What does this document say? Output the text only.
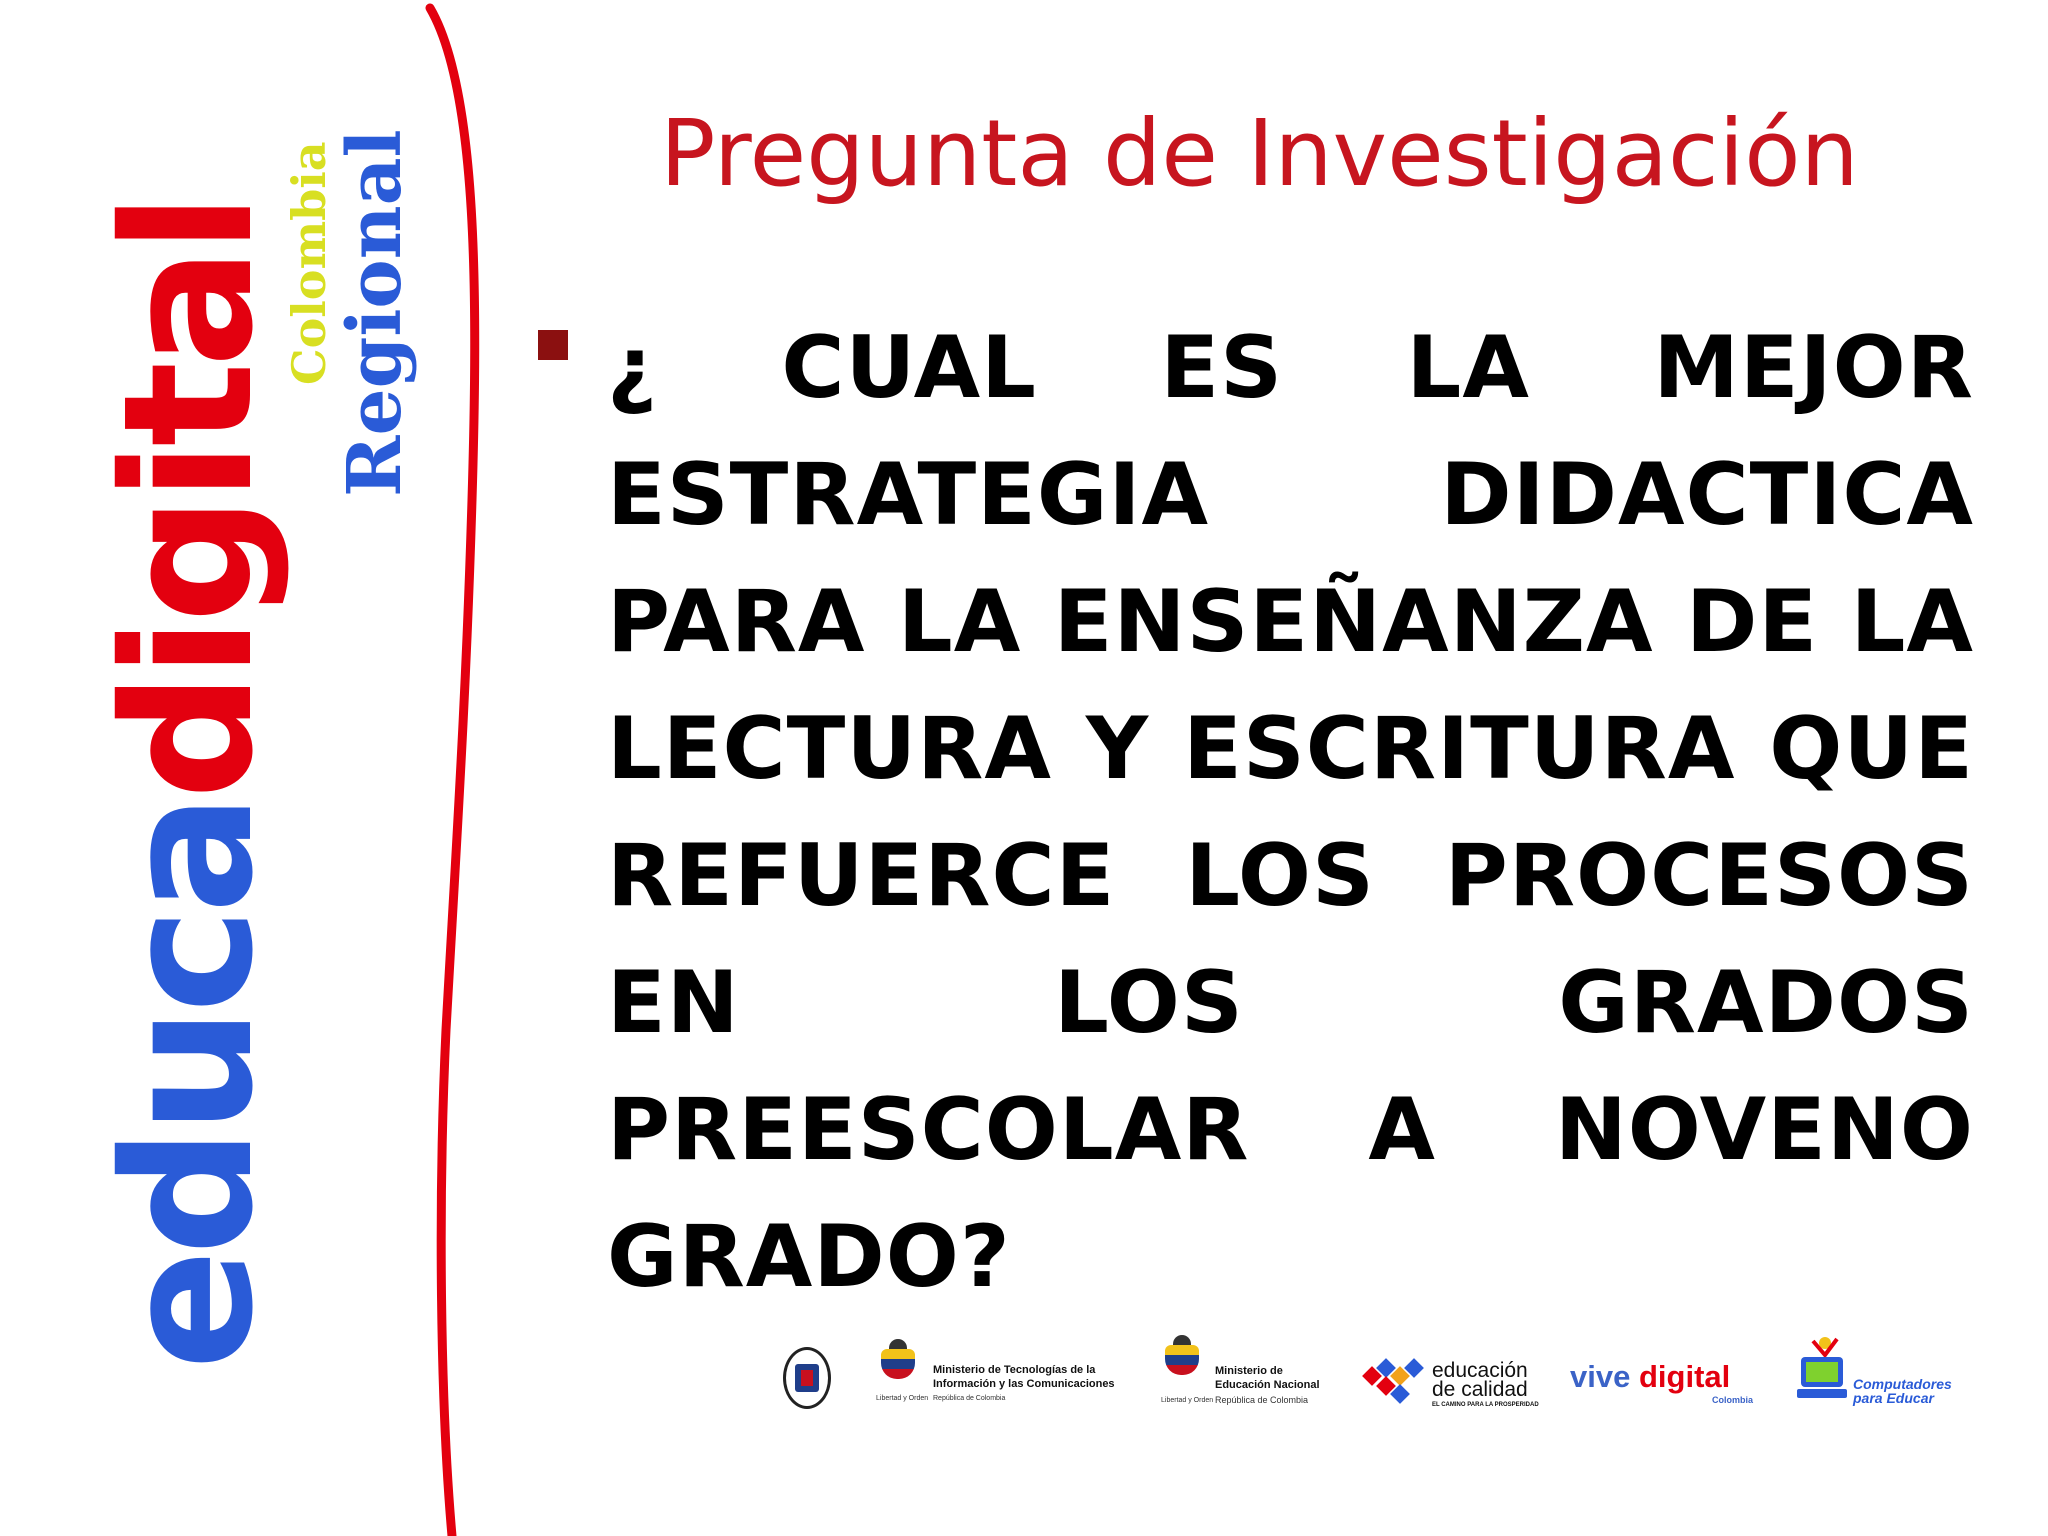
educadigital
Colombia
Regional	Pregunta de Investigación
¿ CUAL ES LA MEJOR ESTRATEGIA DIDACTICA PARA LA ENSEÑANZA DE LA LECTURA Y ESCRITURA QUE REFUERCE LOS PROCESOS EN LOS GRADOS PREESCOLAR A NOVENO GRADO?
Libertad y Orden
Ministerio de Tecnologías de la
Información y las Comunicaciones
República de Colombia	Libertad y Orden
Ministerio de
Educación Nacional
República de Colombia
educación
de calidad
EL CAMINO PARA LA PROSPERIDAD
vive digital
Colombia
Computadores
para Educar
